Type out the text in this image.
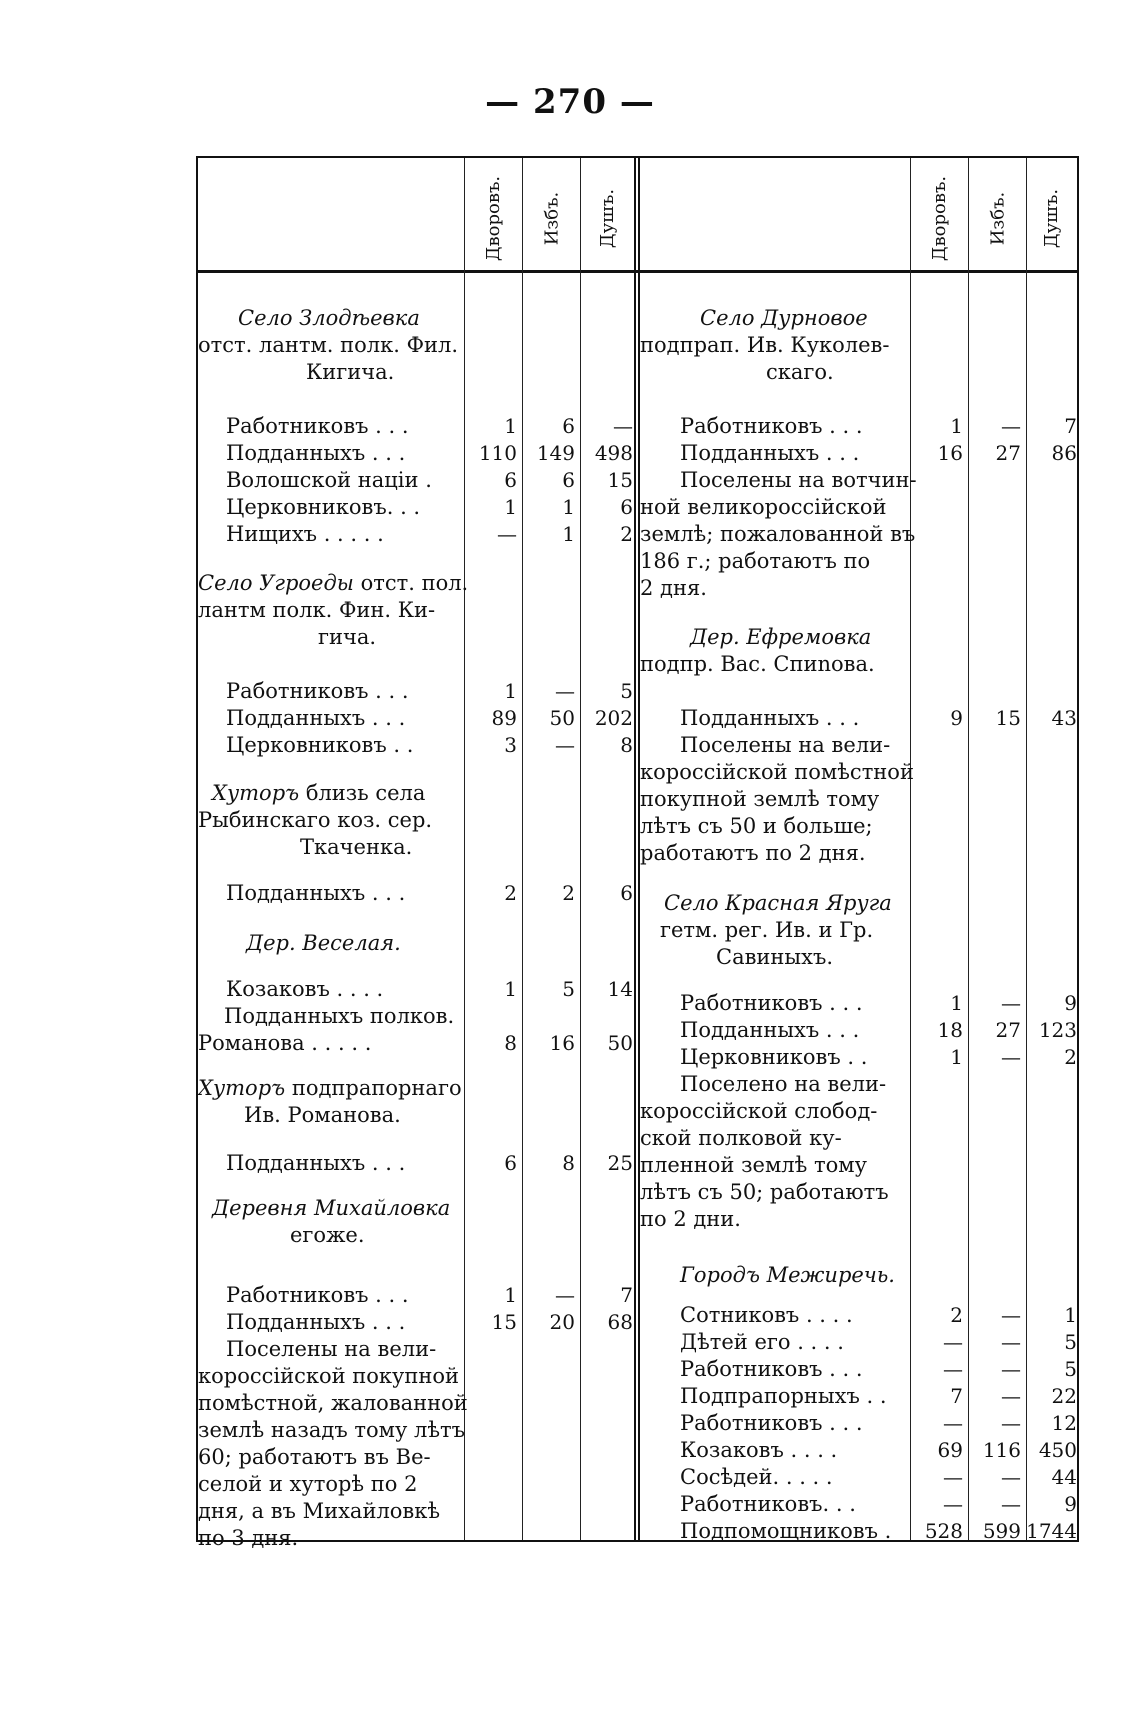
— 270 —
Дворовъ. Избъ. Душъ.	Дворовъ. Избъ. Душъ.
Село Злодѣевка
отст. лантм. полк. Фил.
Кигича.
Работниковъ . . .	1	6	—
Подданныхъ . . .	110 149 498
Волошской нацiи .	6	6	15
Церковниковъ. . .	1	1	6
Нищихъ . . . . .	—	1	2
Село Угроеды отст. пол.
лантм полк. Фин. Ки-
гича.
Работниковъ . . .	1	—	5
Подданныхъ . . .	89	50 202
Церковниковъ . .	3	—	8
Хуторъ близь села
Рыбинскаго коз. сер.
Ткаченка.
Подданныхъ . . .	2	2	6
Дер. Веселая.
Козаковъ . . . .	1	5	14
Подданныхъ полков.
Романова . . . . .	8	16	50
Хуторъ подпрапорнаго
Ив. Романова.
Подданныхъ . . .	6	8	25
Деревня Михайловка
егоже.
Работниковъ . . .	1	—	7
Подданныхъ . . .	15	20	68
Поселены на вели-
короссiйской покупной
помѣстной, жалованной
землѣ назадъ тому лѣтъ
60; работаютъ въ Ве-
селой и хуторѣ по 2
дня, а въ Михайловкѣ
по 3 дня.
Село Дурновое
подпрап. Ив. Куколев-
скаго.
Работниковъ . . .	1	—	7
Подданныхъ . . .	16	27	86
Поселены на вотчин-
ной великороссiйской
землѣ; пожалованной въ
186 г.; работаютъ по
2 дня.
Дер. Ефремовка
подпр. Вас. Спиnова.
Подданныхъ . . .	9	15	43
Поселены на вели-
короссiйской помѣстной
покупной землѣ тому
лѣтъ съ 50 и больше;
работаютъ по 2 дня.
Село Красная Яруга
гетм. рег. Ив. и Гр.
Савиныхъ.
Работниковъ . . .	1	—	9
Подданныхъ . . .	18	27 123
Церковниковъ . .	1	—	2
Поселено на вели-
короссiйской слобод-
ской полковой ку-
пленной землѣ тому
лѣтъ съ 50; работаютъ
по 2 дни.
Городъ Межиречь.
Сотниковъ . . . .	2	—	1
Дѣтей его . . . .	—	—	5
Работниковъ . . .	—	—	5
Подпрапорныхъ . .	7	—	22
Работниковъ . . .	—	—	12
Козаковъ . . . .	69 116 450
Сосѣдей. . . . .	—	—	44
Работниковъ. . .	—	—	9
Подпомощниковъ .	528 599 1744
